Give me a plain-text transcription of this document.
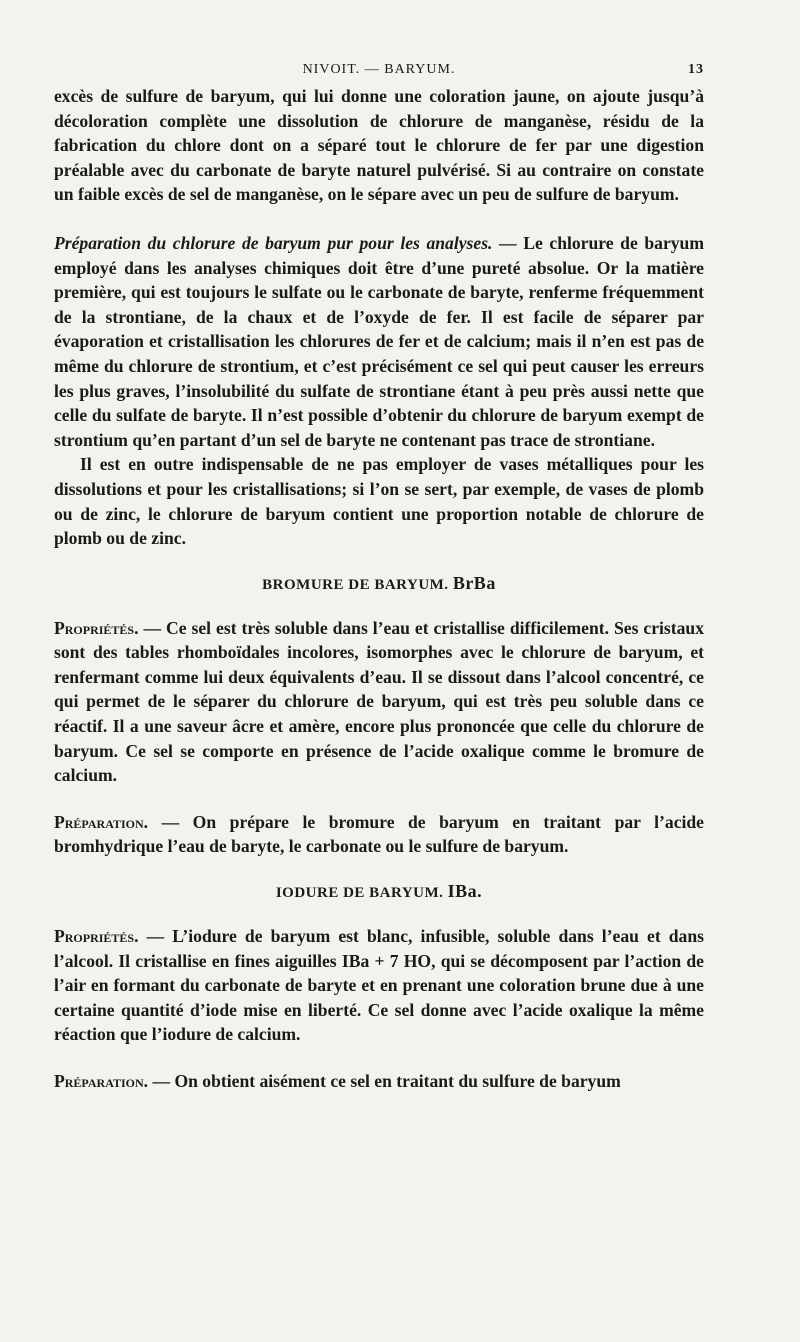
NIVOIT. — BARYUM.	13

excès de sulfure de baryum, qui lui donne une coloration jaune, on ajoute jusqu’à décoloration complète une dissolution de chlorure de manganèse, résidu de la fabrication du chlore dont on a séparé tout le chlorure de fer par une digestion préalable avec du carbonate de baryte naturel pulvérisé. Si au contraire on constate un faible excès de sel de manganèse, on le sépare avec un peu de sulfure de baryum.

Préparation du chlorure de baryum pur pour les analyses. — Le chlorure de baryum employé dans les analyses chimiques doit être d’une pureté absolue. Or la matière première, qui est toujours le sulfate ou le carbonate de baryte, renferme fréquemment de la strontiane, de la chaux et de l’oxyde de fer. Il est facile de séparer par évaporation et cristallisation les chlorures de fer et de calcium; mais il n’en est pas de même du chlorure de strontium, et c’est précisément ce sel qui peut causer les erreurs les plus graves, l’insolubilité du sulfate de strontiane étant à peu près aussi nette que celle du sulfate de baryte. Il n’est possible d’obtenir du chlorure de baryum exempt de strontium qu’en partant d’un sel de baryte ne contenant pas trace de strontiane.

Il est en outre indispensable de ne pas employer de vases métalliques pour les dissolutions et pour les cristallisations; si l’on se sert, par exemple, de vases de plomb ou de zinc, le chlorure de baryum contient une proportion notable de chlorure de plomb ou de zinc.

BROMURE DE BARYUM. BrBa

Propriétés. — Ce sel est très soluble dans l’eau et cristallise difficilement. Ses cristaux sont des tables rhomboïdales incolores, isomorphes avec le chlorure de baryum, et renfermant comme lui deux équivalents d’eau. Il se dissout dans l’alcool concentré, ce qui permet de le séparer du chlorure de baryum, qui est très peu soluble dans ce réactif. Il a une saveur âcre et amère, encore plus prononcée que celle du chlorure de baryum. Ce sel se comporte en présence de l’acide oxalique comme le bromure de calcium.

Préparation. — On prépare le bromure de baryum en traitant par l’acide bromhydrique l’eau de baryte, le carbonate ou le sulfure de baryum.

IODURE DE BARYUM. IBa.

Propriétés. — L’iodure de baryum est blanc, infusible, soluble dans l’eau et dans l’alcool. Il cristallise en fines aiguilles IBa + 7 HO, qui se décomposent par l’action de l’air en formant du carbonate de baryte et en prenant une coloration brune due à une certaine quantité d’iode mise en liberté. Ce sel donne avec l’acide oxalique la même réaction que l’iodure de calcium.

Préparation. — On obtient aisément ce sel en traitant du sulfure de baryum
